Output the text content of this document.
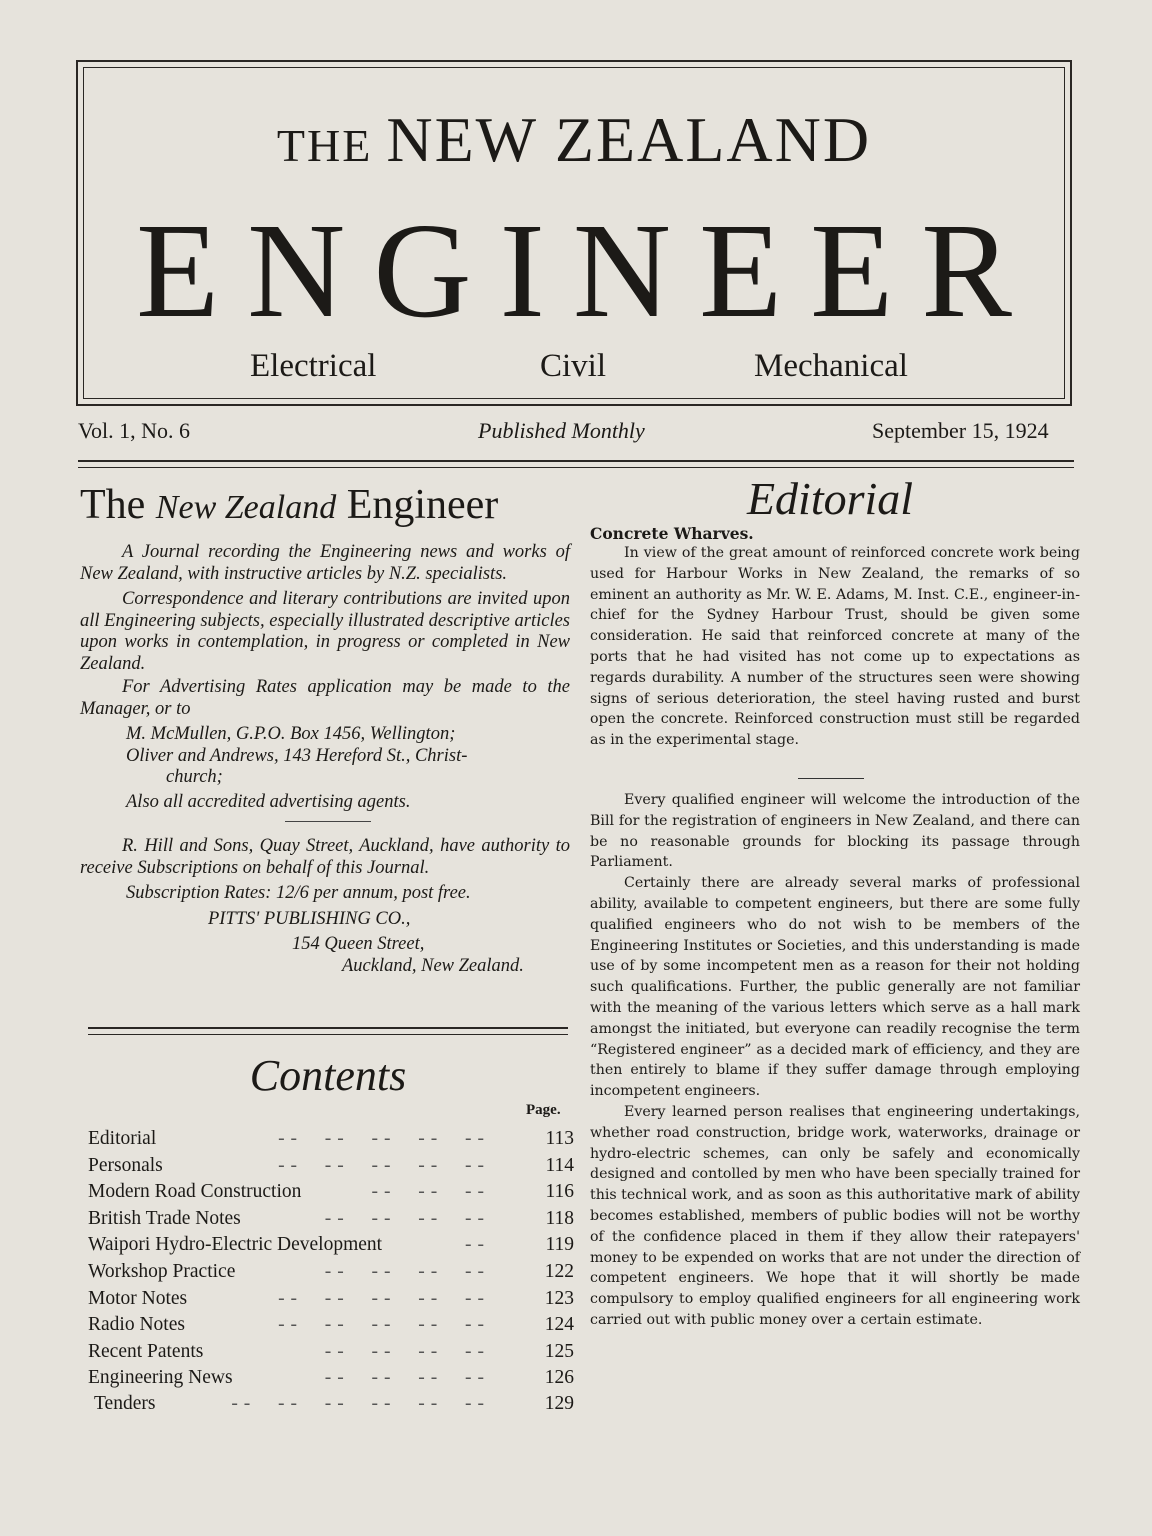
THE NEW ZEALAND
ENGINEER
Electrical	Civil	Mechanical
Vol. 1, No. 6	Published Monthly	September 15, 1924
The New Zealand Engineer

A Journal recording the Engineering news and works of New Zealand, with instructive articles by N.Z. specialists.

Correspondence and literary contributions are invited upon all Engineering subjects, especially illustrated descriptive articles upon works in contemplation, in progress or completed in New Zealand.

For Advertising Rates application may be made to the Manager, or to

M. McMullen, G.P.O. Box 1456, Wellington;
Oliver and Andrews, 143 Hereford St., Christ-
church;
Also all accredited advertising agents.

R. Hill and Sons, Quay Street, Auckland, have authority to receive Subscriptions on behalf of this Journal.

Subscription Rates: 12/6 per annum, post free.
PITTS' PUBLISHING CO.,
154 Queen Street,
Auckland, New Zealand.
Contents
Page.
Editorial	--  --  --  --  --	113
Personals	--  --  --  --  --	114
Modern Road Construction	--  --  --	116
British Trade Notes	--  --  --  --	118
Waipori Hydro-Electric Development	--	119
Workshop Practice	--  --  --  --	122
Motor Notes	--  --  --  --  --	123
Radio Notes	--  --  --  --  --	124
Recent Patents	--  --  --  --	125
Engineering News	--  --  --  --	126
Tenders	--  --  --  --  --  --	129
Editorial
Concrete Wharves.

In view of the great amount of reinforced concrete work being used for Harbour Works in New Zealand, the remarks of so eminent an authority as Mr. W. E. Adams, M. Inst. C.E., engineer-in-chief for the Sydney Harbour Trust, should be given some consideration. He said that reinforced concrete at many of the ports that he had visited has not come up to expectations as regards durability. A number of the structures seen were showing signs of serious deterioration, the steel having rusted and burst open the concrete. Reinforced construction must still be regarded as in the experimental stage.

Every qualified engineer will welcome the introduction of the Bill for the registration of engineers in New Zealand, and there can be no reasonable grounds for blocking its passage through Parliament.

Certainly there are already several marks of professional ability, available to competent engineers, but there are some fully qualified engineers who do not wish to be members of the Engineering Institutes or Societies, and this understanding is made use of by some incompetent men as a reason for their not holding such qualifications. Further, the public generally are not familiar with the meaning of the various letters which serve as a hall mark amongst the initiated, but everyone can readily recognise the term “Registered engineer” as a decided mark of efficiency, and they are then entirely to blame if they suffer damage through employing incompetent engineers.

Every learned person realises that engineering undertakings, whether road construction, bridge work, waterworks, drainage or hydro-electric schemes, can only be safely and economically designed and contolled by men who have been specially trained for this technical work, and as soon as this authoritative mark of ability becomes established, members of public bodies will not be worthy of the confidence placed in them if they allow their ratepayers' money to be expended on works that are not under the direction of competent engineers. We hope that it will shortly be made compulsory to employ qualified engineers for all engineering work carried out with public money over a certain estimate.
